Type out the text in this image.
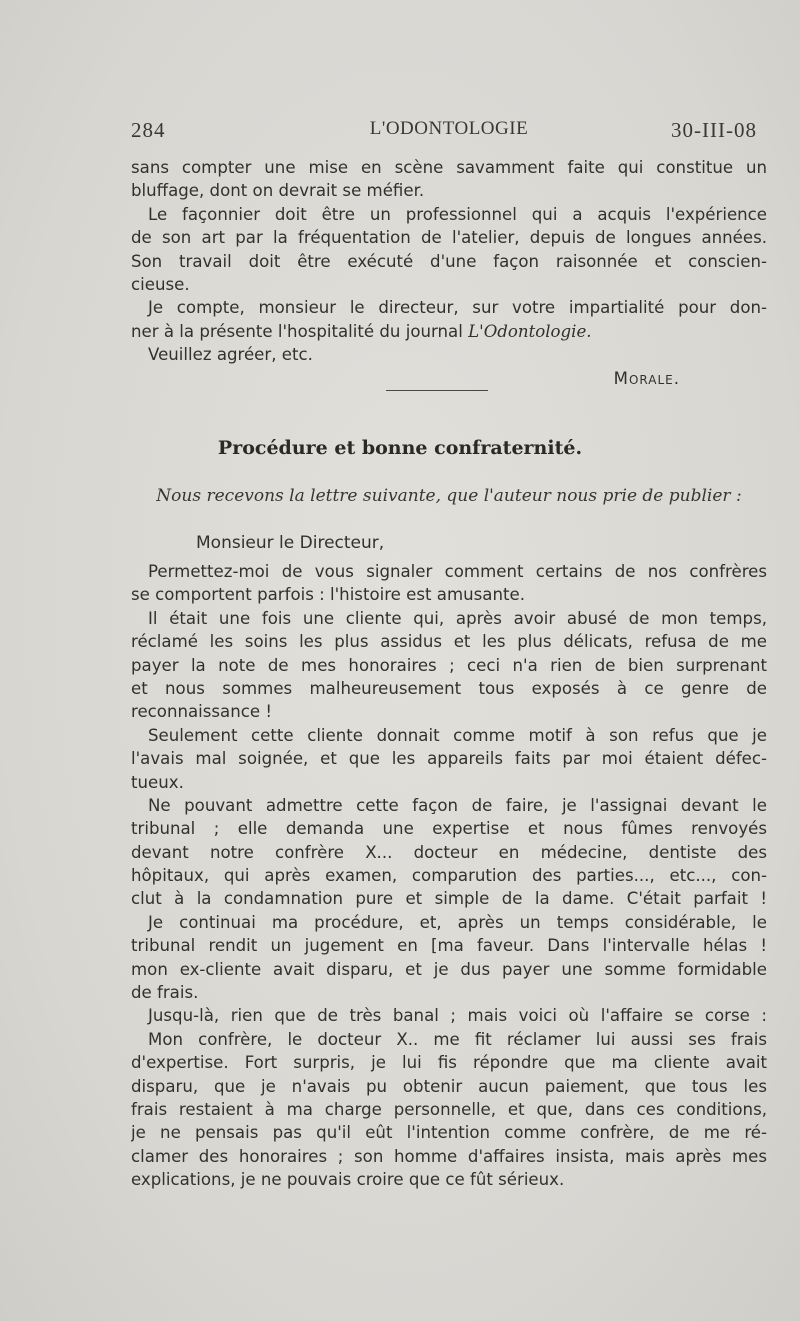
284	L'ODONTOLOGIE	30-III-08
sans compter une mise en scène savamment faite qui constitue un
bluffage, dont on devrait se méfier.
Le façonnier doit être un professionnel qui a acquis l'expérience
de son art par la fréquentation de l'atelier, depuis de longues années.
Son travail doit être exécuté d'une façon raisonnée et conscien-
cieuse.
Je compte, monsieur le directeur, sur votre impartialité pour don-
ner à la présente l'hospitalité du journal L'Odontologie.
Veuillez agréer, etc.
Morale.
Procédure et bonne confraternité.
Nous recevons la lettre suivante, que l'auteur nous prie de publier :
Monsieur le Directeur,
Permettez-moi de vous signaler comment certains de nos confrères
se comportent parfois : l'histoire est amusante.
Il était une fois une cliente qui, après avoir abusé de mon temps,
réclamé les soins les plus assidus et les plus délicats, refusa de me
payer la note de mes honoraires ; ceci n'a rien de bien surprenant
et nous sommes malheureusement tous exposés à ce genre de
reconnaissance !
Seulement cette cliente donnait comme motif à son refus que je
l'avais mal soignée, et que les appareils faits par moi étaient défec-
tueux.
Ne pouvant admettre cette façon de faire, je l'assignai devant le
tribunal ; elle demanda une expertise et nous fûmes renvoyés
devant notre confrère X... docteur en médecine, dentiste des
hôpitaux, qui après examen, comparution des parties..., etc..., con-
clut à la condamnation pure et simple de la dame. C'était parfait !
Je continuai ma procédure, et, après un temps considérable, le
tribunal rendit un jugement en [ma faveur. Dans l'intervalle hélas !
mon ex-cliente avait disparu, et je dus payer une somme formidable
de frais.
Jusqu-là, rien que de très banal ; mais voici où l'affaire se corse :
Mon confrère, le docteur X.. me fit réclamer lui aussi ses frais
d'expertise. Fort surpris, je lui fis répondre que ma cliente avait
disparu, que je n'avais pu obtenir aucun paiement, que tous les
frais restaient à ma charge personnelle, et que, dans ces conditions,
je ne pensais pas qu'il eût l'intention comme confrère, de me ré-
clamer des honoraires ; son homme d'affaires insista, mais après mes
explications, je ne pouvais croire que ce fût sérieux.
